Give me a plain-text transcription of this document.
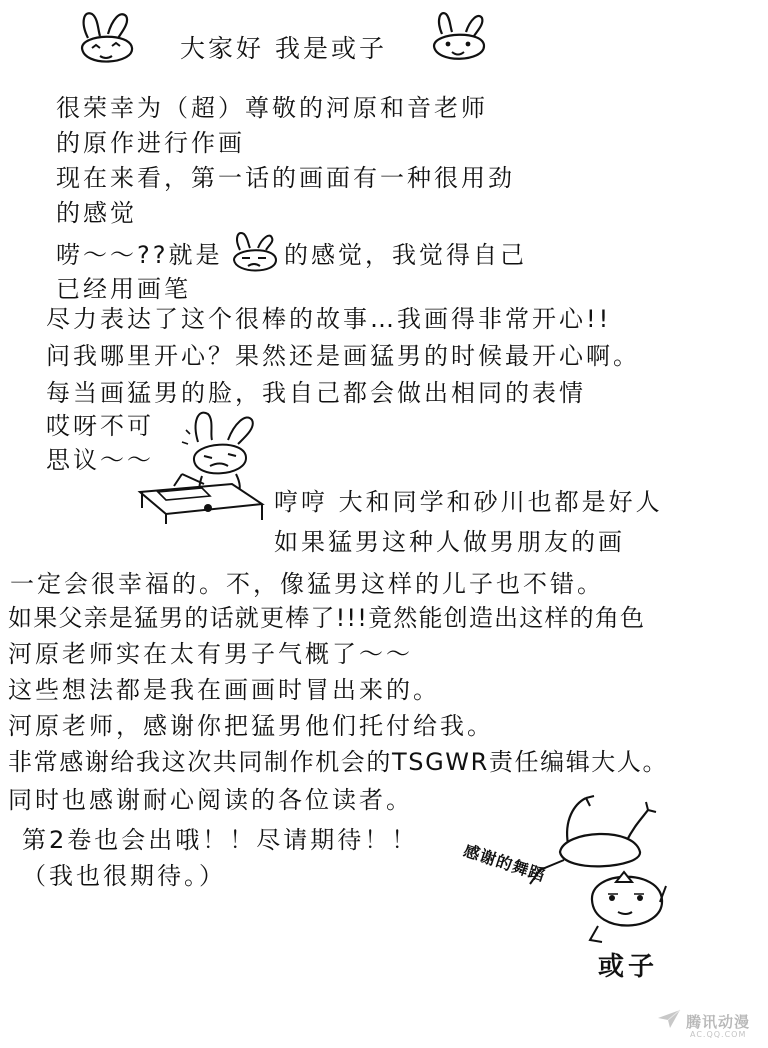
大家好 我是或子
很荣幸为（超）尊敬的河原和音老师
的原作进行作画
现在来看，第一话的画面有一种很用劲
的感觉
唠～～??就是	的感觉，我觉得自己
已经用画笔
尽力表达了这个很棒的故事…我画得非常开心!!
问我哪里开心？果然还是画猛男的时候最开心啊。
每当画猛男的脸，我自己都会做出相同的表情
哎呀不可
思议～～
哼哼 大和同学和砂川也都是好人
如果猛男这种人做男朋友的画
一定会很幸福的。不，像猛男这样的儿子也不错。
如果父亲是猛男的话就更棒了!!!竟然能创造出这样的角色
河原老师实在太有男子气概了～～
这些想法都是我在画画时冒出来的。
河原老师，感谢你把猛男他们托付给我。
非常感谢给我这次共同制作机会的TSGWR责任编辑大人。
同时也感谢耐心阅读的各位读者。
第2卷也会出哦！！尽请期待！！
（我也很期待。）	感谢的舞蹈
或子
腾讯动漫
AC.QQ.COM
